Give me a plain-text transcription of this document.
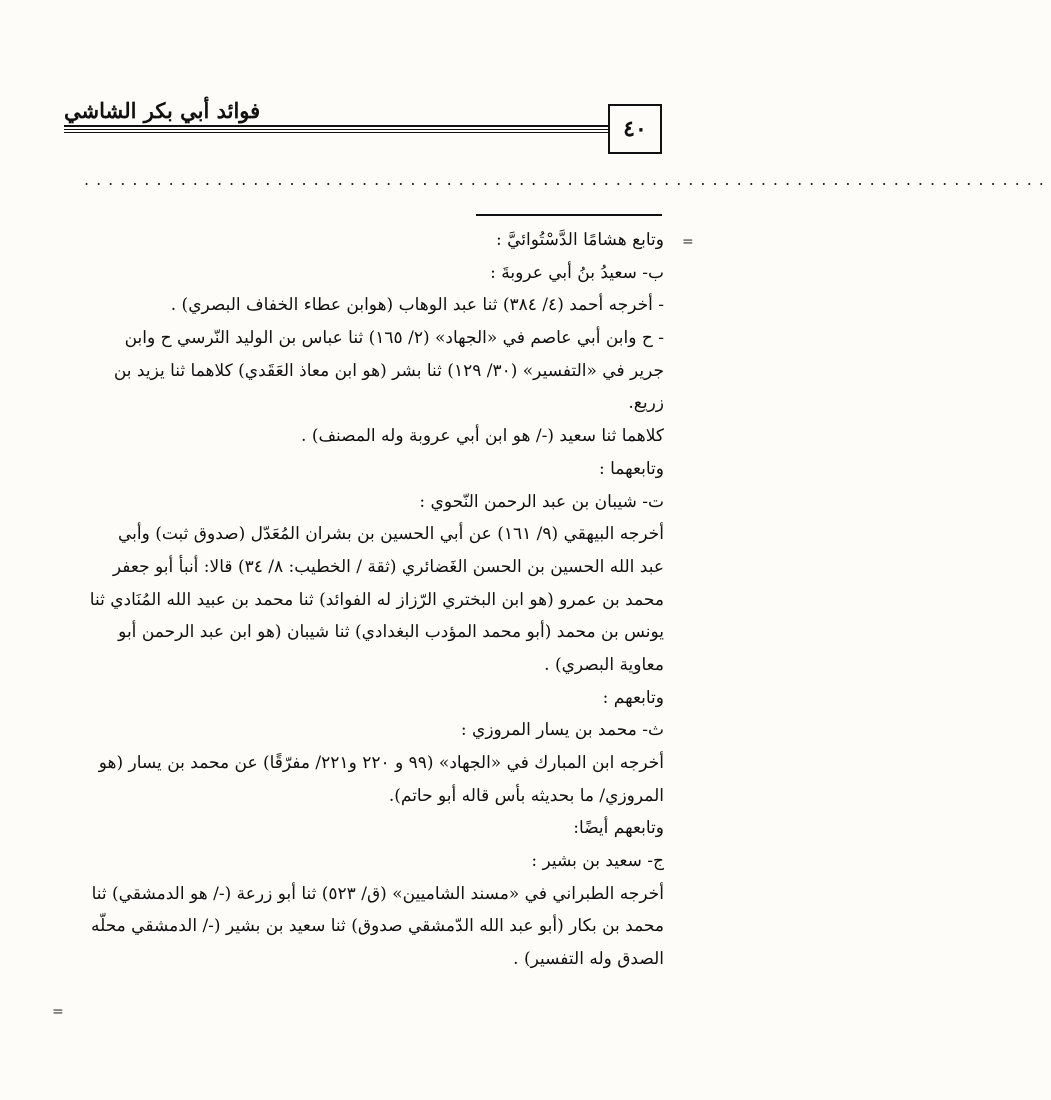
فوائد أبي بكر الشاشي
٤٠
................................................................................
=
=
وتابع هشامًا الدَّسْتُوائيَّ :
ب- سعيدُ بنُ أبي عروبةَ :
- أخرجه أحمد (٤/ ٣٨٤) ثنا عبد الوهاب (هوابن عطاء الخفاف البصري) .
- ح وابن أبي عاصم في «الجهاد» (٢/ ١٦٥) ثنا عباس بن الوليد النّرسي ح وابن
جرير في «التفسير» (٣٠/ ١٢٩) ثنا بشر (هو ابن معاذ العَقَدي) كلاهما ثنا يزيد بن
زريع.
كلاهما ثنا سعيد (-/ هو ابن أبي عروبة وله المصنف) .
وتابعهما :
ت- شيبان بن عبد الرحمن النّحوي :
أخرجه البيهقي (٩/ ١٦١) عن أبي الحسين بن بشران المُعَدّل (صدوق ثبت) وأبي
عبد الله الحسين بن الحسن الغَضائري (ثقة / الخطيب: ٨/ ٣٤) قالا: أنبأ أبو جعفر
محمد بن عمرو (هو ابن البختري الرّزاز له الفوائد) ثنا محمد بن عبيد الله المُنَادي ثنا
يونس بن محمد (أبو محمد المؤدب البغدادي) ثنا شيبان (هو ابن عبد الرحمن أبو
معاوية البصري) .
وتابعهم :
ث- محمد بن يسار المروزي :
أخرجه ابن المبارك في «الجهاد» (٩٩ و ٢٢٠ و٢٢١/ مفرّقًا) عن محمد بن يسار (هو
المروزي/ ما بحديثه بأس قاله أبو حاتم).
وتابعهم أيضًا:
ج- سعيد بن بشير :
أخرجه الطبراني في «مسند الشاميين» (ق/ ٥٢٣) ثنا أبو زرعة (-/ هو الدمشقي) ثنا
محمد بن بكار (أبو عبد الله الدّمشقي صدوق) ثنا سعيد بن بشير (-/ الدمشقي محلّه
الصدق وله التفسير) .
